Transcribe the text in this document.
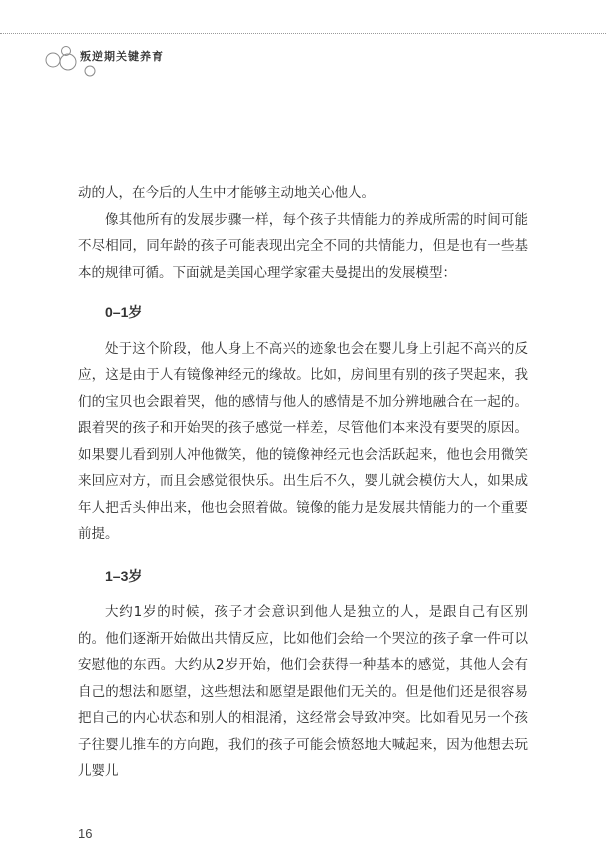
叛逆期关键养育

动的人，在今后的人生中才能够主动地关心他人。

像其他所有的发展步骤一样，每个孩子共情能力的养成所需的时间可能不尽相同，同年龄的孩子可能表现出完全不同的共情能力，但是也有一些基本的规律可循。下面就是美国心理学家霍夫曼提出的发展模型：

0–1岁

处于这个阶段，他人身上不高兴的迹象也会在婴儿身上引起不高兴的反应，这是由于人有镜像神经元的缘故。比如，房间里有别的孩子哭起来，我们的宝贝也会跟着哭，他的感情与他人的感情是不加分辨地融合在一起的。跟着哭的孩子和开始哭的孩子感觉一样差，尽管他们本来没有要哭的原因。如果婴儿看到别人冲他微笑，他的镜像神经元也会活跃起来，他也会用微笑来回应对方，而且会感觉很快乐。出生后不久，婴儿就会模仿大人，如果成年人把舌头伸出来，他也会照着做。镜像的能力是发展共情能力的一个重要前提。

1–3岁

大约1岁的时候，孩子才会意识到他人是独立的人，是跟自己有区别的。他们逐渐开始做出共情反应，比如他们会给一个哭泣的孩子拿一件可以安慰他的东西。大约从2岁开始，他们会获得一种基本的感觉，其他人会有自己的想法和愿望，这些想法和愿望是跟他们无关的。但是他们还是很容易把自己的内心状态和别人的相混淆，这经常会导致冲突。比如看见另一个孩子往婴儿推车的方向跑，我们的孩子可能会愤怒地大喊起来，因为他想去玩儿婴儿

16
